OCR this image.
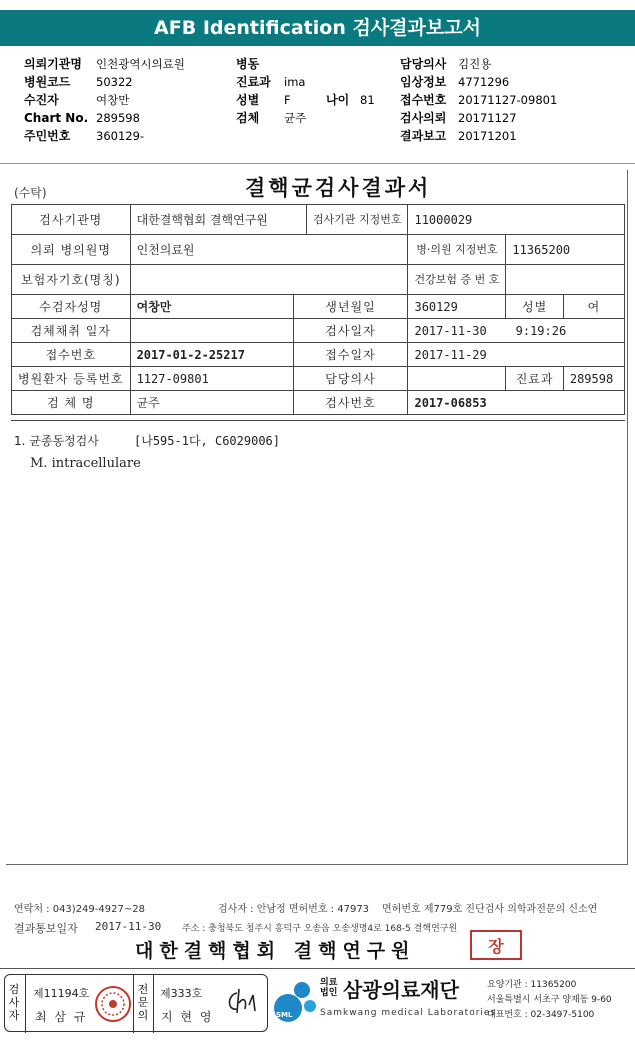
AFB Identification 검사결과보고서
의뢰기관명 인천광역시의료원
병원코드 50322
수진자	여창만
Chart No. 289598
주민번호 360129-
병동
진료과 ima
성별 F	나이 81
검체 균주
담당의사 김진용
임상정보 4771296
접수번호 20171127-09801
검사의뢰 20171127
결과보고 20171201
(수탁)	결핵균검사결과서
검사기관명	대한결핵협회 결핵연구원		검사기관 지정번호	11000029		
의뢰 병의원명	인천의료원			병·의원 지정번호	11365200	
보험자기호(명칭)				건강보험 증 번 호		
수검자성명	여창만	생년월일		360129	성별	여
검체채취 일자		검사일자		2017-11-30    9:19:26		
접수번호	2017-01-2-25217	접수일자		2017-11-29		
병원환자 등록번호	1127-09801	담당의사			진료과	289598
검 체 명	균주	검사번호		2017-06853		
1. 균종동정검사	[나595-1다, C6029006]
M. intracellulare
연락처 : 043)249-4927~28	검사자 : 안남정 면허번호 : 47973 면허번호 제779호 진단검사 의학과전문의 신소연
결과통보일자 2017-11-30 주소 : 충청북도 청주시 흥덕구 오송읍 오송생명4로 168-5 결핵연구원
대한결핵협회 결핵연구원	장
검사자
제11194호
최 삼 규
전문의
제333호
지 현 영	SML
의료 법인 삼광의료재단
Samkwang medical Laboratories
요양기관 : 11365200
서울특별시 서초구 양재동 9-60
대표번호 : 02-3497-5100
